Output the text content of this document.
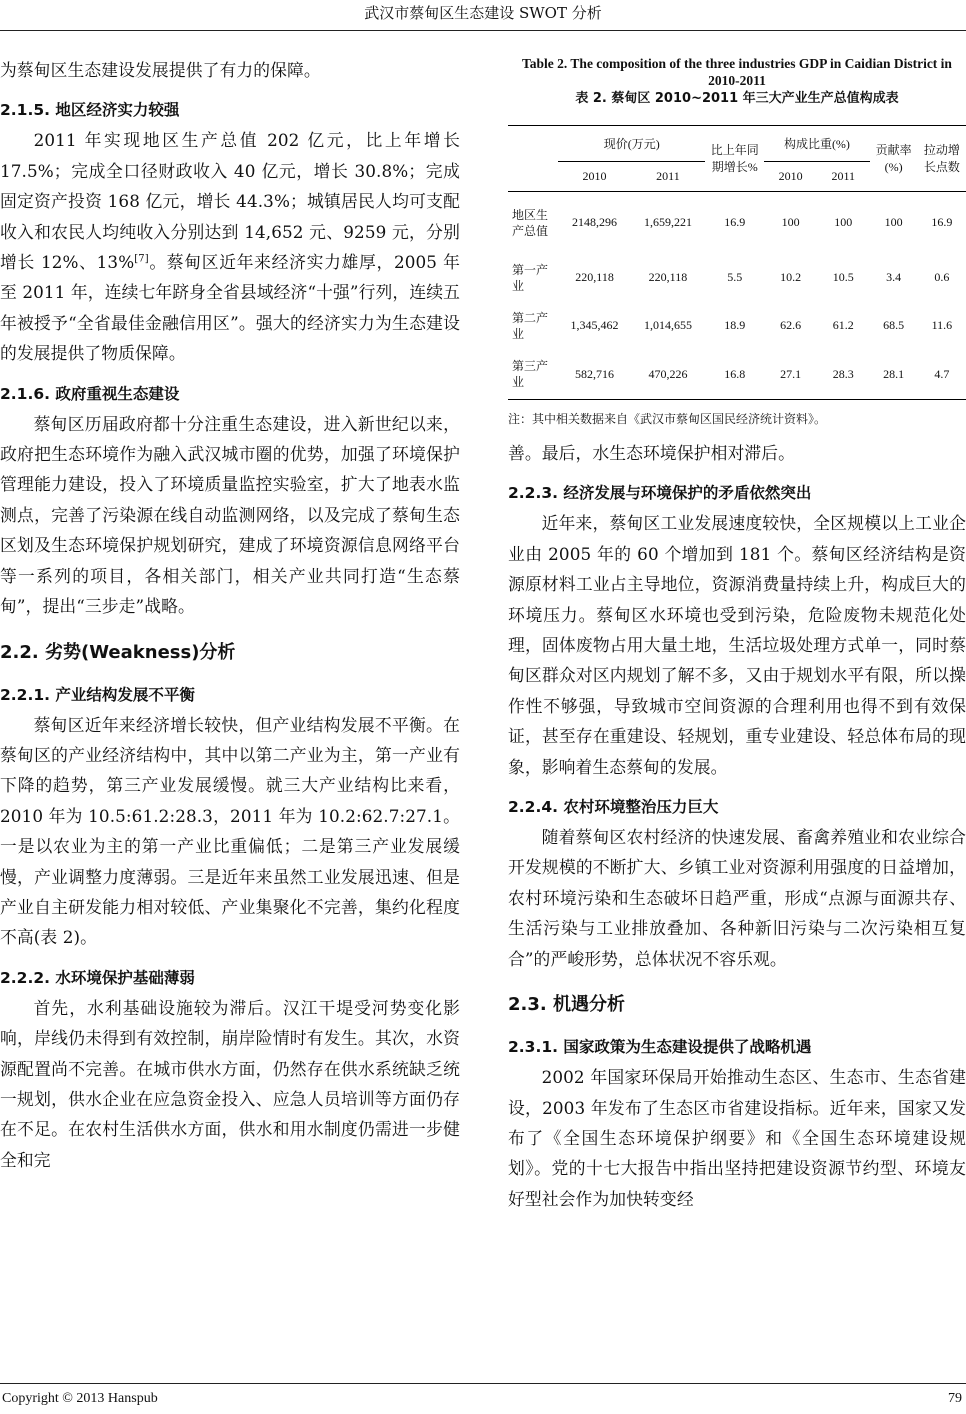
武汉市蔡甸区生态建设 SWOT 分析

为蔡甸区生态建设发展提供了有力的保障。

2.1.5. 地区经济实力较强

2011 年实现地区生产总值 202 亿元，比上年增长 17.5%；完成全口径财政收入 40 亿元，增长 30.8%；完成固定资产投资 168 亿元，增长 44.3%；城镇居民人均可支配收入和农民人均纯收入分别达到 14,652 元、9259 元，分别增长 12%、13%[7]。蔡甸区近年来经济实力雄厚，2005 年至 2011 年，连续七年跻身全省县域经济“十强”行列，连续五年被授予“全省最佳金融信用区”。强大的经济实力为生态建设的发展提供了物质保障。

2.1.6. 政府重视生态建设

蔡甸区历届政府都十分注重生态建设，进入新世纪以来，政府把生态环境作为融入武汉城市圈的优势，加强了环境保护管理能力建设，投入了环境质量监控实验室，扩大了地表水监测点，完善了污染源在线自动监测网络，以及完成了蔡甸生态区划及生态环境保护规划研究，建成了环境资源信息网络平台等一系列的项目，各相关部门，相关产业共同打造“生态蔡甸”，提出“三步走”战略。

2.2. 劣势(Weakness)分析
2.2.1. 产业结构发展不平衡

蔡甸区近年来经济增长较快，但产业结构发展不平衡。在蔡甸区的产业经济结构中，其中以第二产业为主，第一产业有下降的趋势，第三产业发展缓慢。就三大产业结构比来看，2010 年为 10.5:61.2:28.3，2011 年为 10.2:62.7:27.1。一是以农业为主的第一产业比重偏低；二是第三产业发展缓慢，产业调整力度薄弱。三是近年来虽然工业发展迅速、但是产业自主研发能力相对较低、产业集聚化不完善，集约化程度不高(表 2)。

2.2.2. 水环境保护基础薄弱

首先，水利基础设施较为滞后。汉江干堤受河势变化影响，岸线仍未得到有效控制，崩岸险情时有发生。其次，水资源配置尚不完善。在城市供水方面，仍然存在供水系统缺乏统一规划，供水企业在应急资金投入、应急人员培训等方面仍存在不足。在农村生活供水方面，供水和用水制度仍需进一步健全和完

Table 2. The composition of the three industries GDP in Caidian District in 2010-2011
表 2. 蔡甸区 2010~2011 年三大产业生产总值构成表
	现价(万元)		比上年同期增长%	构成比重(%)		贡献率(%)	拉动增长点数
	2010	2011		2010	2011		
地区生产总值	2148,296	1,659,221	16.9	100	100	100	16.9
第一产业	220,118	220,118	5.5	10.2	10.5	3.4	0.6
第二产业	1,345,462	1,014,655	18.9	62.6	61.2	68.5	11.6
第三产业	582,716	470,226	16.8	27.1	28.3	28.1	4.7
注：其中相关数据来自《武汉市蔡甸区国民经济统计资料》。

善。最后，水生态环境保护相对滞后。

2.2.3. 经济发展与环境保护的矛盾依然突出

近年来，蔡甸区工业发展速度较快，全区规模以上工业企业由 2005 年的 60 个增加到 181 个。蔡甸区经济结构是资源原材料工业占主导地位，资源消费量持续上升，构成巨大的环境压力。蔡甸区水环境也受到污染，危险废物未规范化处理，固体废物占用大量土地，生活垃圾处理方式单一，同时蔡甸区群众对区内规划了解不多，又由于规划水平有限，所以操作性不够强，导致城市空间资源的合理利用也得不到有效保证，甚至存在重建设、轻规划，重专业建设、轻总体布局的现象，影响着生态蔡甸的发展。

2.2.4. 农村环境整治压力巨大

随着蔡甸区农村经济的快速发展、畜禽养殖业和农业综合开发规模的不断扩大、乡镇工业对资源利用强度的日益增加，农村环境污染和生态破坏日趋严重，形成“点源与面源共存、生活污染与工业排放叠加、各种新旧污染与二次污染相互复合”的严峻形势，总体状况不容乐观。

2.3. 机遇分析
2.3.1. 国家政策为生态建设提供了战略机遇

2002 年国家环保局开始推动生态区、生态市、生态省建设，2003 年发布了生态区市省建设指标。近年来，国家又发布了《全国生态环境保护纲要》和《全国生态环境建设规划》。党的十七大报告中指出坚持把建设资源节约型、环境友好型社会作为加快转变经

Copyright © 2013 Hanspub	79
